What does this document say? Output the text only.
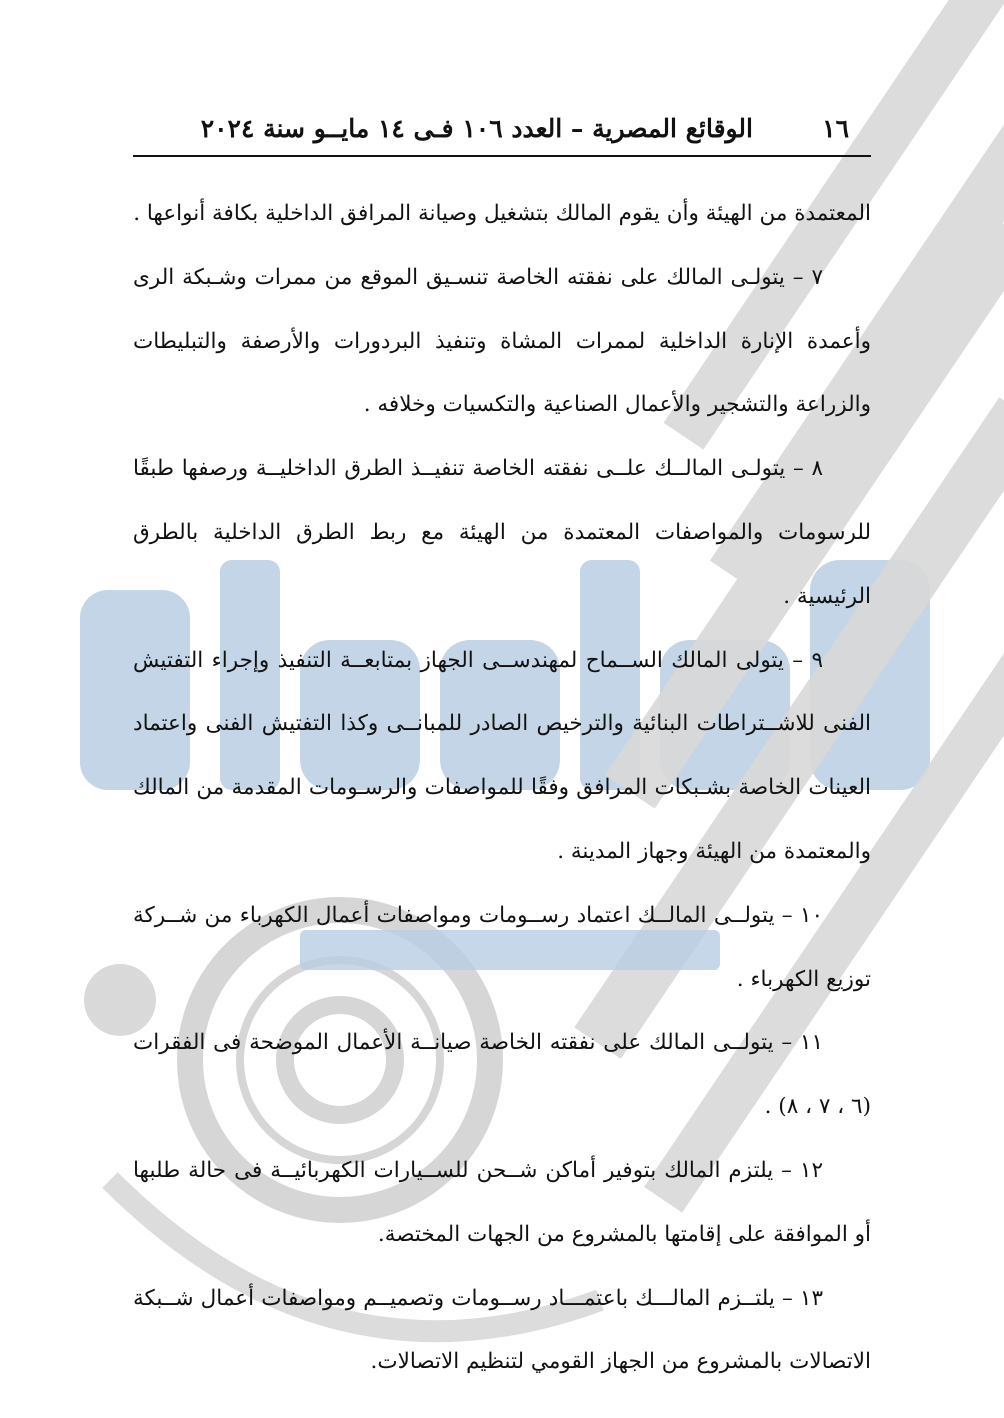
١٦
الوقائع المصرية – العدد ١٠٦ فـى ١٤ مايــو سنة ٢٠٢٤

المعتمدة من الهيئة وأن يقوم المالك بتشغيل وصيانة المرافق الداخلية بكافة أنواعها .

٧ – يتولـى المالك على نفقته الخاصة تنسـيق الموقع من ممرات وشـبكة الرى وأعمدة الإنارة الداخلية لممرات المشاة وتنفيذ البردورات والأرصفة والتبليطات والزراعة والتشجير والأعمال الصناعية والتكسيات وخلافه .

٨ – يتولـى المالــك علــى نفقته الخاصة تنفيــذ الطرق الداخليــة ورصفها طبقًا للرسومات والمواصفات المعتمدة من الهيئة مع ربط الطرق الداخلية بالطرق الرئيسية .

٩ – يتولى المالك الســماح لمهندســى الجهاز بمتابعــة التنفيذ وإجراء التفتيش الفنى للاشــتراطات البنائية والترخيص الصادر للمبانــى وكذا التفتيش الفنى واعتماد العينات الخاصة بشـبكات المرافق وفقًا للمواصفات والرسـومات المقدمة من المالك والمعتمدة من الهيئة وجهاز المدينة .

١٠ – يتولــى المالــك اعتماد رســومات ومواصفات أعمال الكهرباء من شــركة توزيع الكهرباء .

١١ – يتولــى المالك على نفقته الخاصة صيانــة الأعمال الموضحة فى الفقرات (٦ ، ٧ ، ٨) .

١٢ – يلتزم المالك بتوفير أماكن شــحن للســيارات الكهربائيــة فى حالة طلبها أو الموافقة على إقامتها بالمشروع من الجهات المختصة.

١٣ – يلتــزم المالـــك باعتمـــاد رســومات وتصميــم ومواصفات أعمال شــبكة الاتصالات بالمشروع من الجهاز القومي لتنظيم الاتصالات.
